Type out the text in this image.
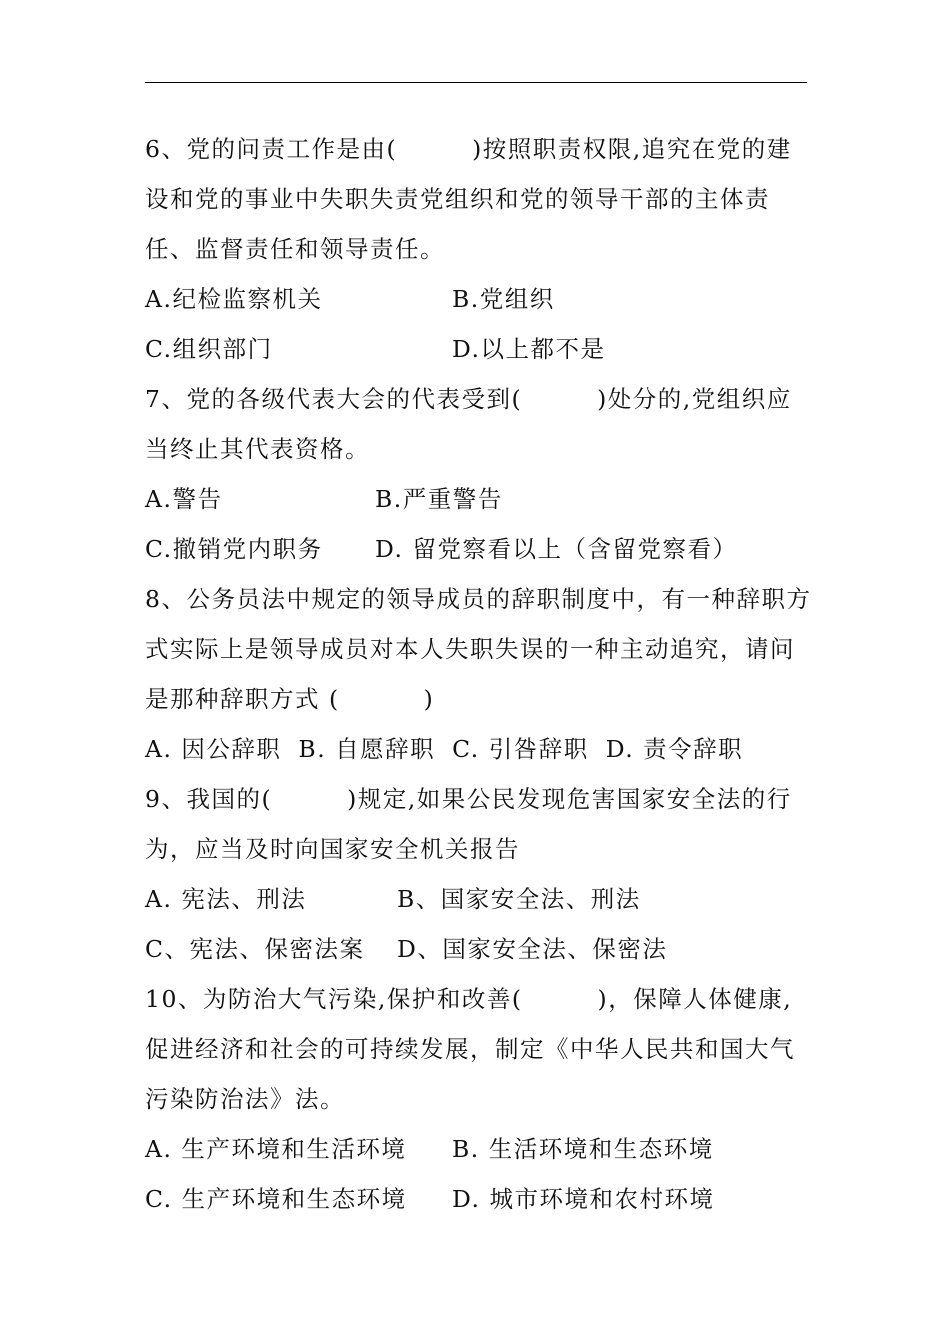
6、党的问责工作是由(　　　)按照职责权限,追究在党的建
设和党的事业中失职失责党组织和党的领导干部的主体责
任、监督责任和领导责任。
A.纪检监察机关	B.党组织
C.组织部门	D.以上都不是
7、党的各级代表大会的代表受到(　　　)处分的,党组织应
当终止其代表资格。
A.警告	B.严重警告
C.撤销党内职务	D. 留党察看以上（含留党察看）
8、公务员法中规定的领导成员的辞职制度中，有一种辞职方
式实际上是领导成员对本人失职失误的一种主动追究，请问
是那种辞职方式 (　　　 )
A. 因公辞职 B. 自愿辞职 C. 引咎辞职 D. 责令辞职
9、我国的(　　　)规定,如果公民发现危害国家安全法的行
为，应当及时向国家安全机关报告
A. 宪法、刑法	B、国家安全法、刑法
C、宪法、保密法案	D、国家安全法、保密法
10、为防治大气污染,保护和改善(　　　)，保障人体健康,
促进经济和社会的可持续发展，制定《中华人民共和国大气
污染防治法》法。
A. 生产环境和生活环境	B. 生活环境和生态环境
C. 生产环境和生态环境	D. 城市环境和农村环境
